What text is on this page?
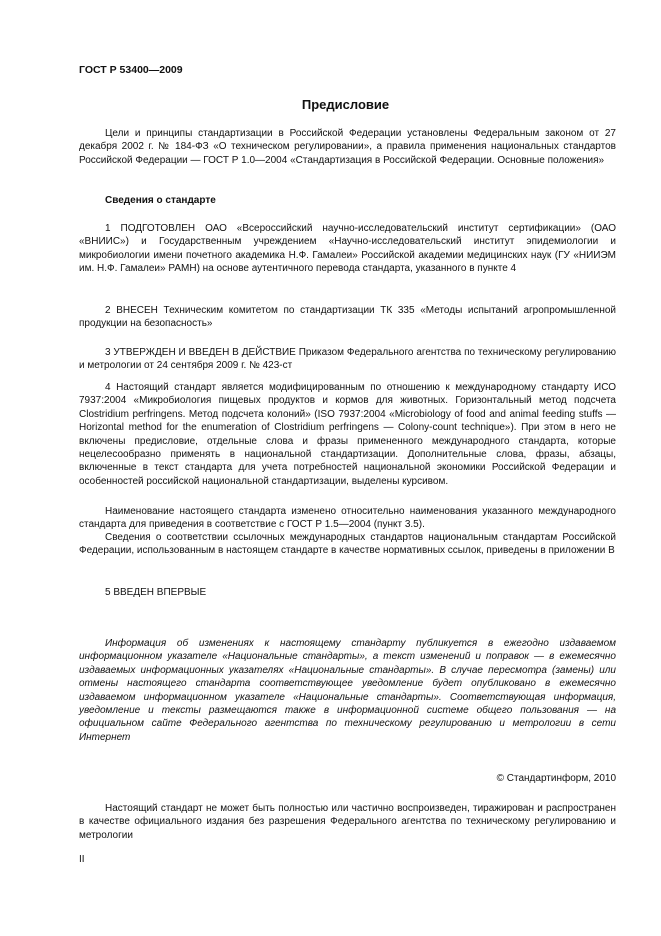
ГОСТ Р 53400—2009
Предисловие

Цели и принципы стандартизации в Российской Федерации установлены Федеральным законом от 27 декабря 2002 г. № 184-ФЗ «О техническом регулировании», а правила применения национальных стандартов Российской Федерации — ГОСТ Р 1.0—2004 «Стандартизация в Российской Федерации. Основные положения»

Сведения о стандарте

1 ПОДГОТОВЛЕН ОАО «Всероссийский научно-исследовательский институт сертификации» (ОАО «ВНИИС») и Государственным учреждением «Научно-исследовательский институт эпидемиологии и микробиологии имени почетного академика Н.Ф. Гамалеи» Российской академии медицинских наук (ГУ «НИИЭМ им. Н.Ф. Гамалеи» РАМН) на основе аутентичного перевода стандарта, указанного в пункте 4

2 ВНЕСЕН Техническим комитетом по стандартизации ТК 335 «Методы испытаний агропромышленной продукции на безопасность»

3 УТВЕРЖДЕН И ВВЕДЕН В ДЕЙСТВИЕ Приказом Федерального агентства по техническому регулированию и метрологии от 24 сентября 2009 г. № 423-ст

4 Настоящий стандарт является модифицированным по отношению к международному стандарту ИСО 7937:2004 «Микробиология пищевых продуктов и кормов для животных. Горизонтальный метод подсчета Clostridium perfringens. Метод подсчета колоний» (ISO 7937:2004 «Microbiology of food and animal feeding stuffs — Horizontal method for the enumeration of Clostridium perfringens — Colony-count technique»). При этом в него не включены предисловие, отдельные слова и фразы примененного международного стандарта, которые нецелесообразно применять в национальной стандартизации. Дополнительные слова, фразы, абзацы, включенные в текст стандарта для учета потребностей национальной экономики Российской Федерации и особенностей российской национальной стандартизации, выделены курсивом.

Наименование настоящего стандарта изменено относительно наименования указанного международного стандарта для приведения в соответствие с ГОСТ Р 1.5—2004 (пункт 3.5).

Сведения о соответствии ссылочных международных стандартов национальным стандартам Российской Федерации, использованным в настоящем стандарте в качестве нормативных ссылок, приведены в приложении В

5 ВВЕДЕН ВПЕРВЫЕ

Информация об изменениях к настоящему стандарту публикуется в ежегодно издаваемом информационном указателе «Национальные стандарты», а текст изменений и поправок — в ежемесячно издаваемых информационных указателях «Национальные стандарты». В случае пересмотра (замены) или отмены настоящего стандарта соответствующее уведомление будет опубликовано в ежемесячно издаваемом информационном указателе «Национальные стандарты». Соответствующая информация, уведомление и тексты размещаются также в информационной системе общего пользования — на официальном сайте Федерального агентства по техническому регулированию и метрологии в сети Интернет

© Стандартинформ, 2010

Настоящий стандарт не может быть полностью или частично воспроизведен, тиражирован и распространен в качестве официального издания без разрешения Федерального агентства по техническому регулированию и метрологии

II
